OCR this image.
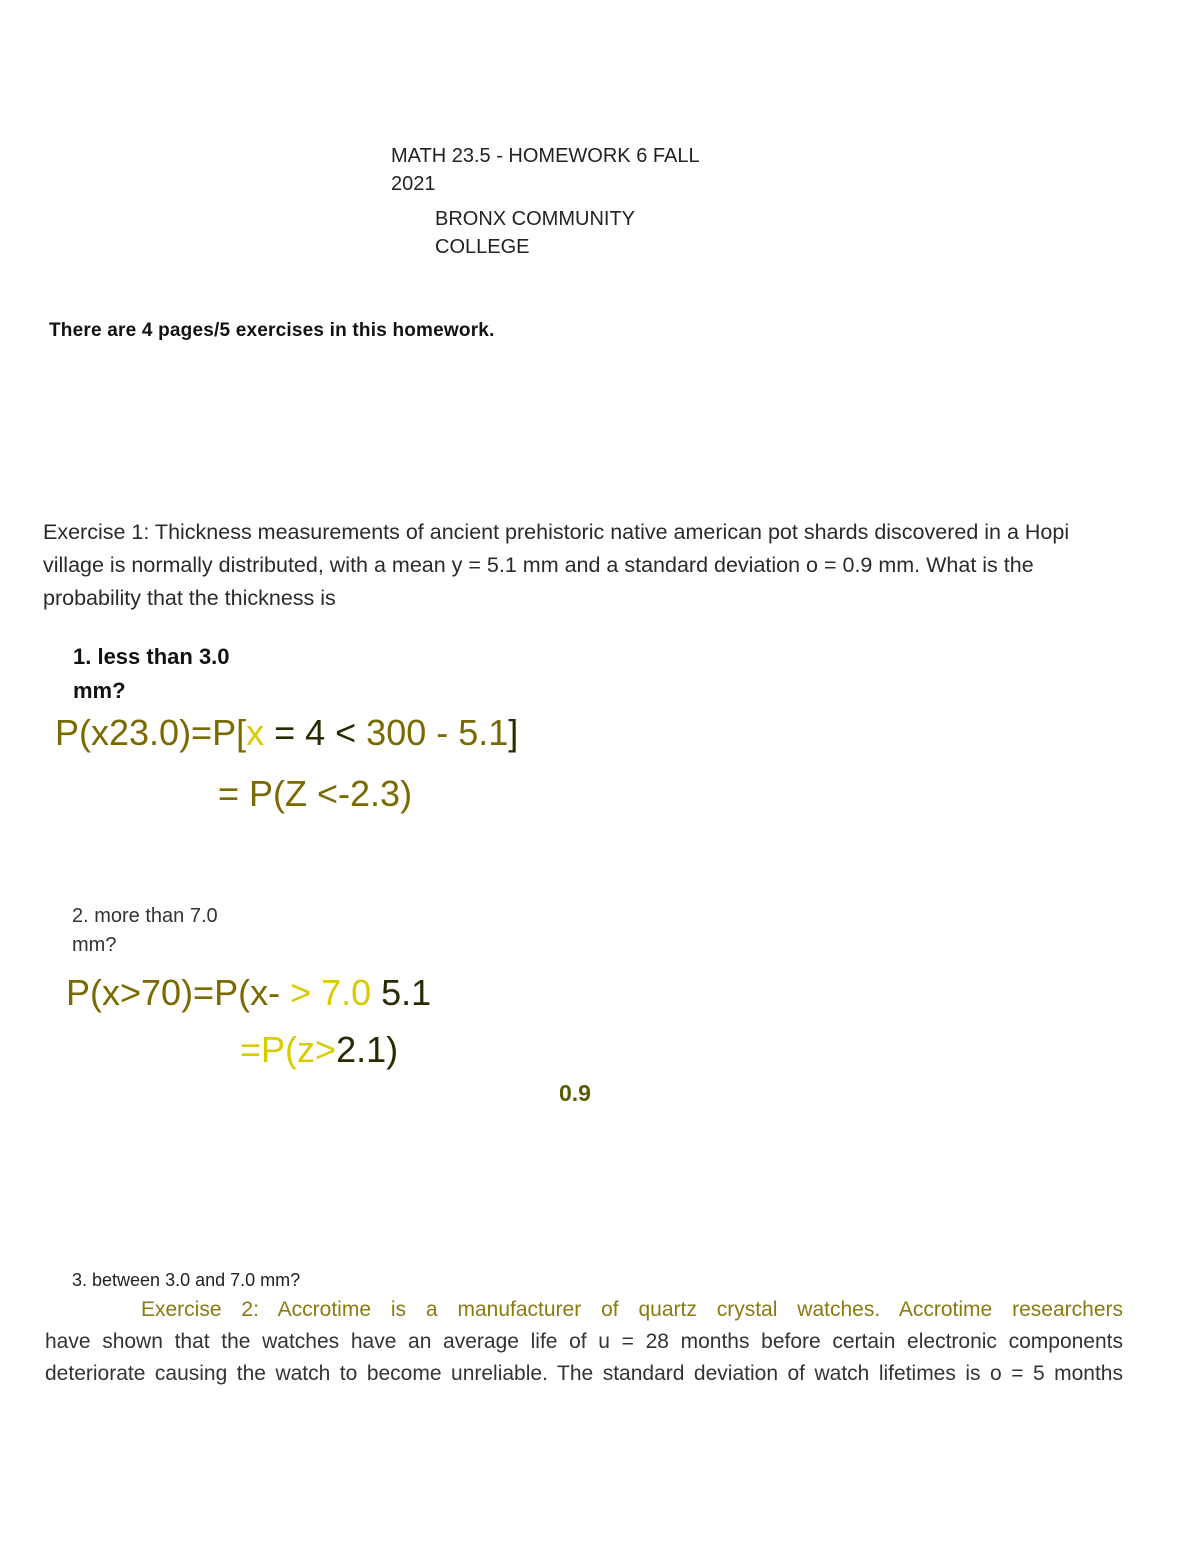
MATH 23.5 - HOMEWORK 6 FALL
2021
BRONX COMMUNITY
COLLEGE
There are 4 pages/5 exercises in this homework.
Exercise 1: Thickness measurements of ancient prehistoric native american pot shards discovered in a Hopi village is normally distributed, with a mean y = 5.1 mm and a standard deviation o = 0.9 mm. What is the probability that the thickness is
1. less than 3.0
mm?
P(x23.0)=P[x = 4 < 300 - 5.1]
= P(Z <-2.3)
2. more than 7.0
mm?
P(x>70)=P(x- > 7.0 5.1
=P(z>2.1)
0.9
3. between 3.0 and 7.0 mm?
Exercise 2: Accrotime is a manufacturer of quartz crystal watches. Accrotime researchers
have shown that the watches have an average life of u = 28 months before certain electronic components
deteriorate causing the watch to become unreliable. The standard deviation of watch lifetimes is o = 5 months
